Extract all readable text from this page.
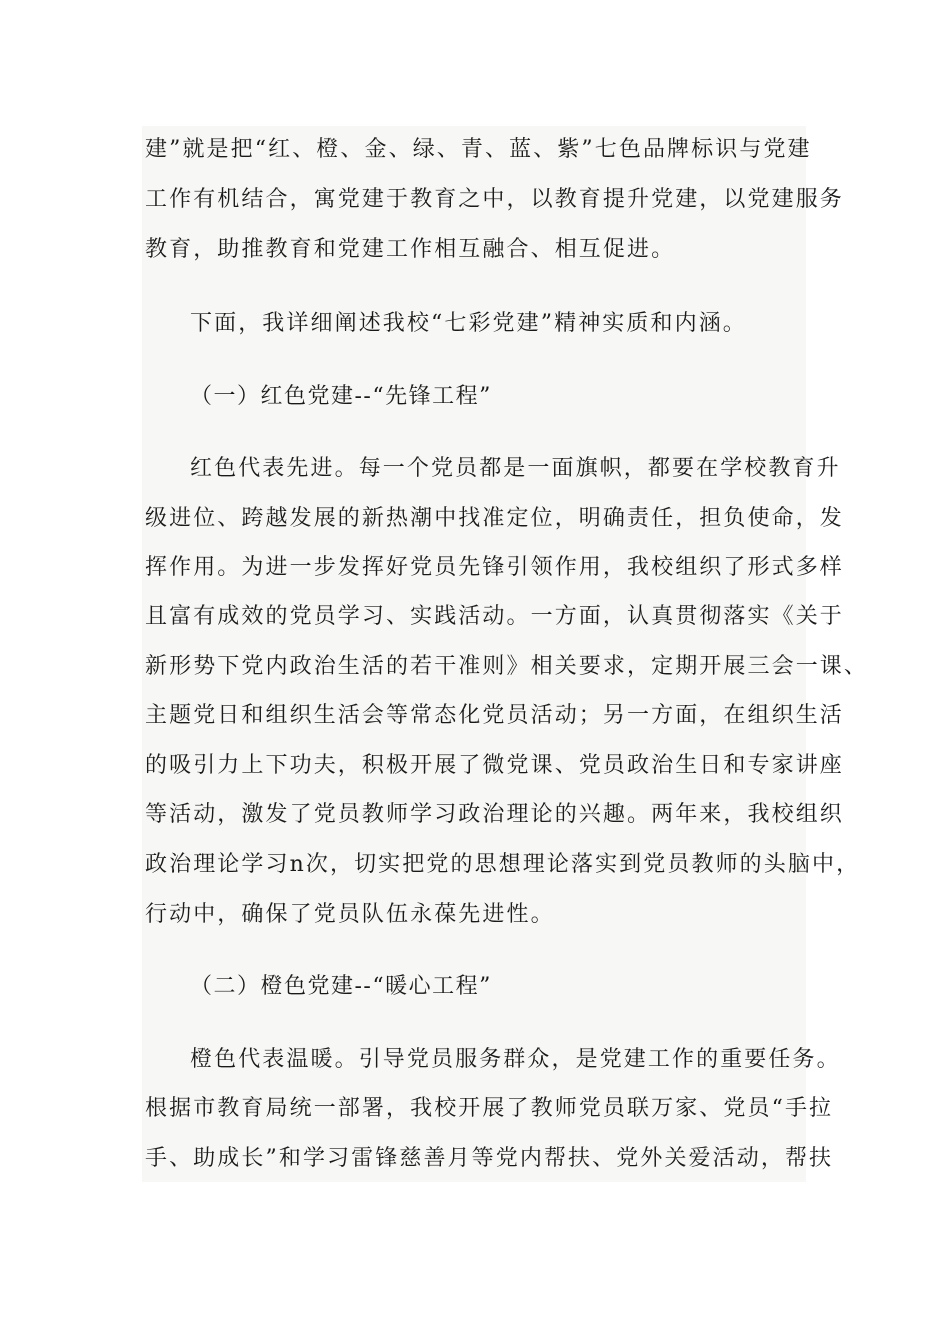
建”就是把“红、橙、金、绿、青、蓝、紫”七色品牌标识与党建
工作有机结合，寓党建于教育之中，以教育提升党建，以党建服务
教育，助推教育和党建工作相互融合、相互促进。
下面，我详细阐述我校“七彩党建”精神实质和内涵。
（一）红色党建--“先锋工程”
红色代表先进。每一个党员都是一面旗帜，都要在学校教育升
级进位、跨越发展的新热潮中找准定位，明确责任，担负使命，发
挥作用。为进一步发挥好党员先锋引领作用，我校组织了形式多样
且富有成效的党员学习、实践活动。一方面，认真贯彻落实《关于
新形势下党内政治生活的若干准则》相关要求，定期开展三会一课、
主题党日和组织生活会等常态化党员活动；另一方面，在组织生活
的吸引力上下功夫，积极开展了微党课、党员政治生日和专家讲座
等活动，激发了党员教师学习政治理论的兴趣。两年来，我校组织
政治理论学习n次，切实把党的思想理论落实到党员教师的头脑中，
行动中，确保了党员队伍永葆先进性。
（二）橙色党建--“暖心工程”
橙色代表温暖。引导党员服务群众，是党建工作的重要任务。
根据市教育局统一部署，我校开展了教师党员联万家、党员“手拉
手、助成长”和学习雷锋慈善月等党内帮扶、党外关爱活动，帮扶
